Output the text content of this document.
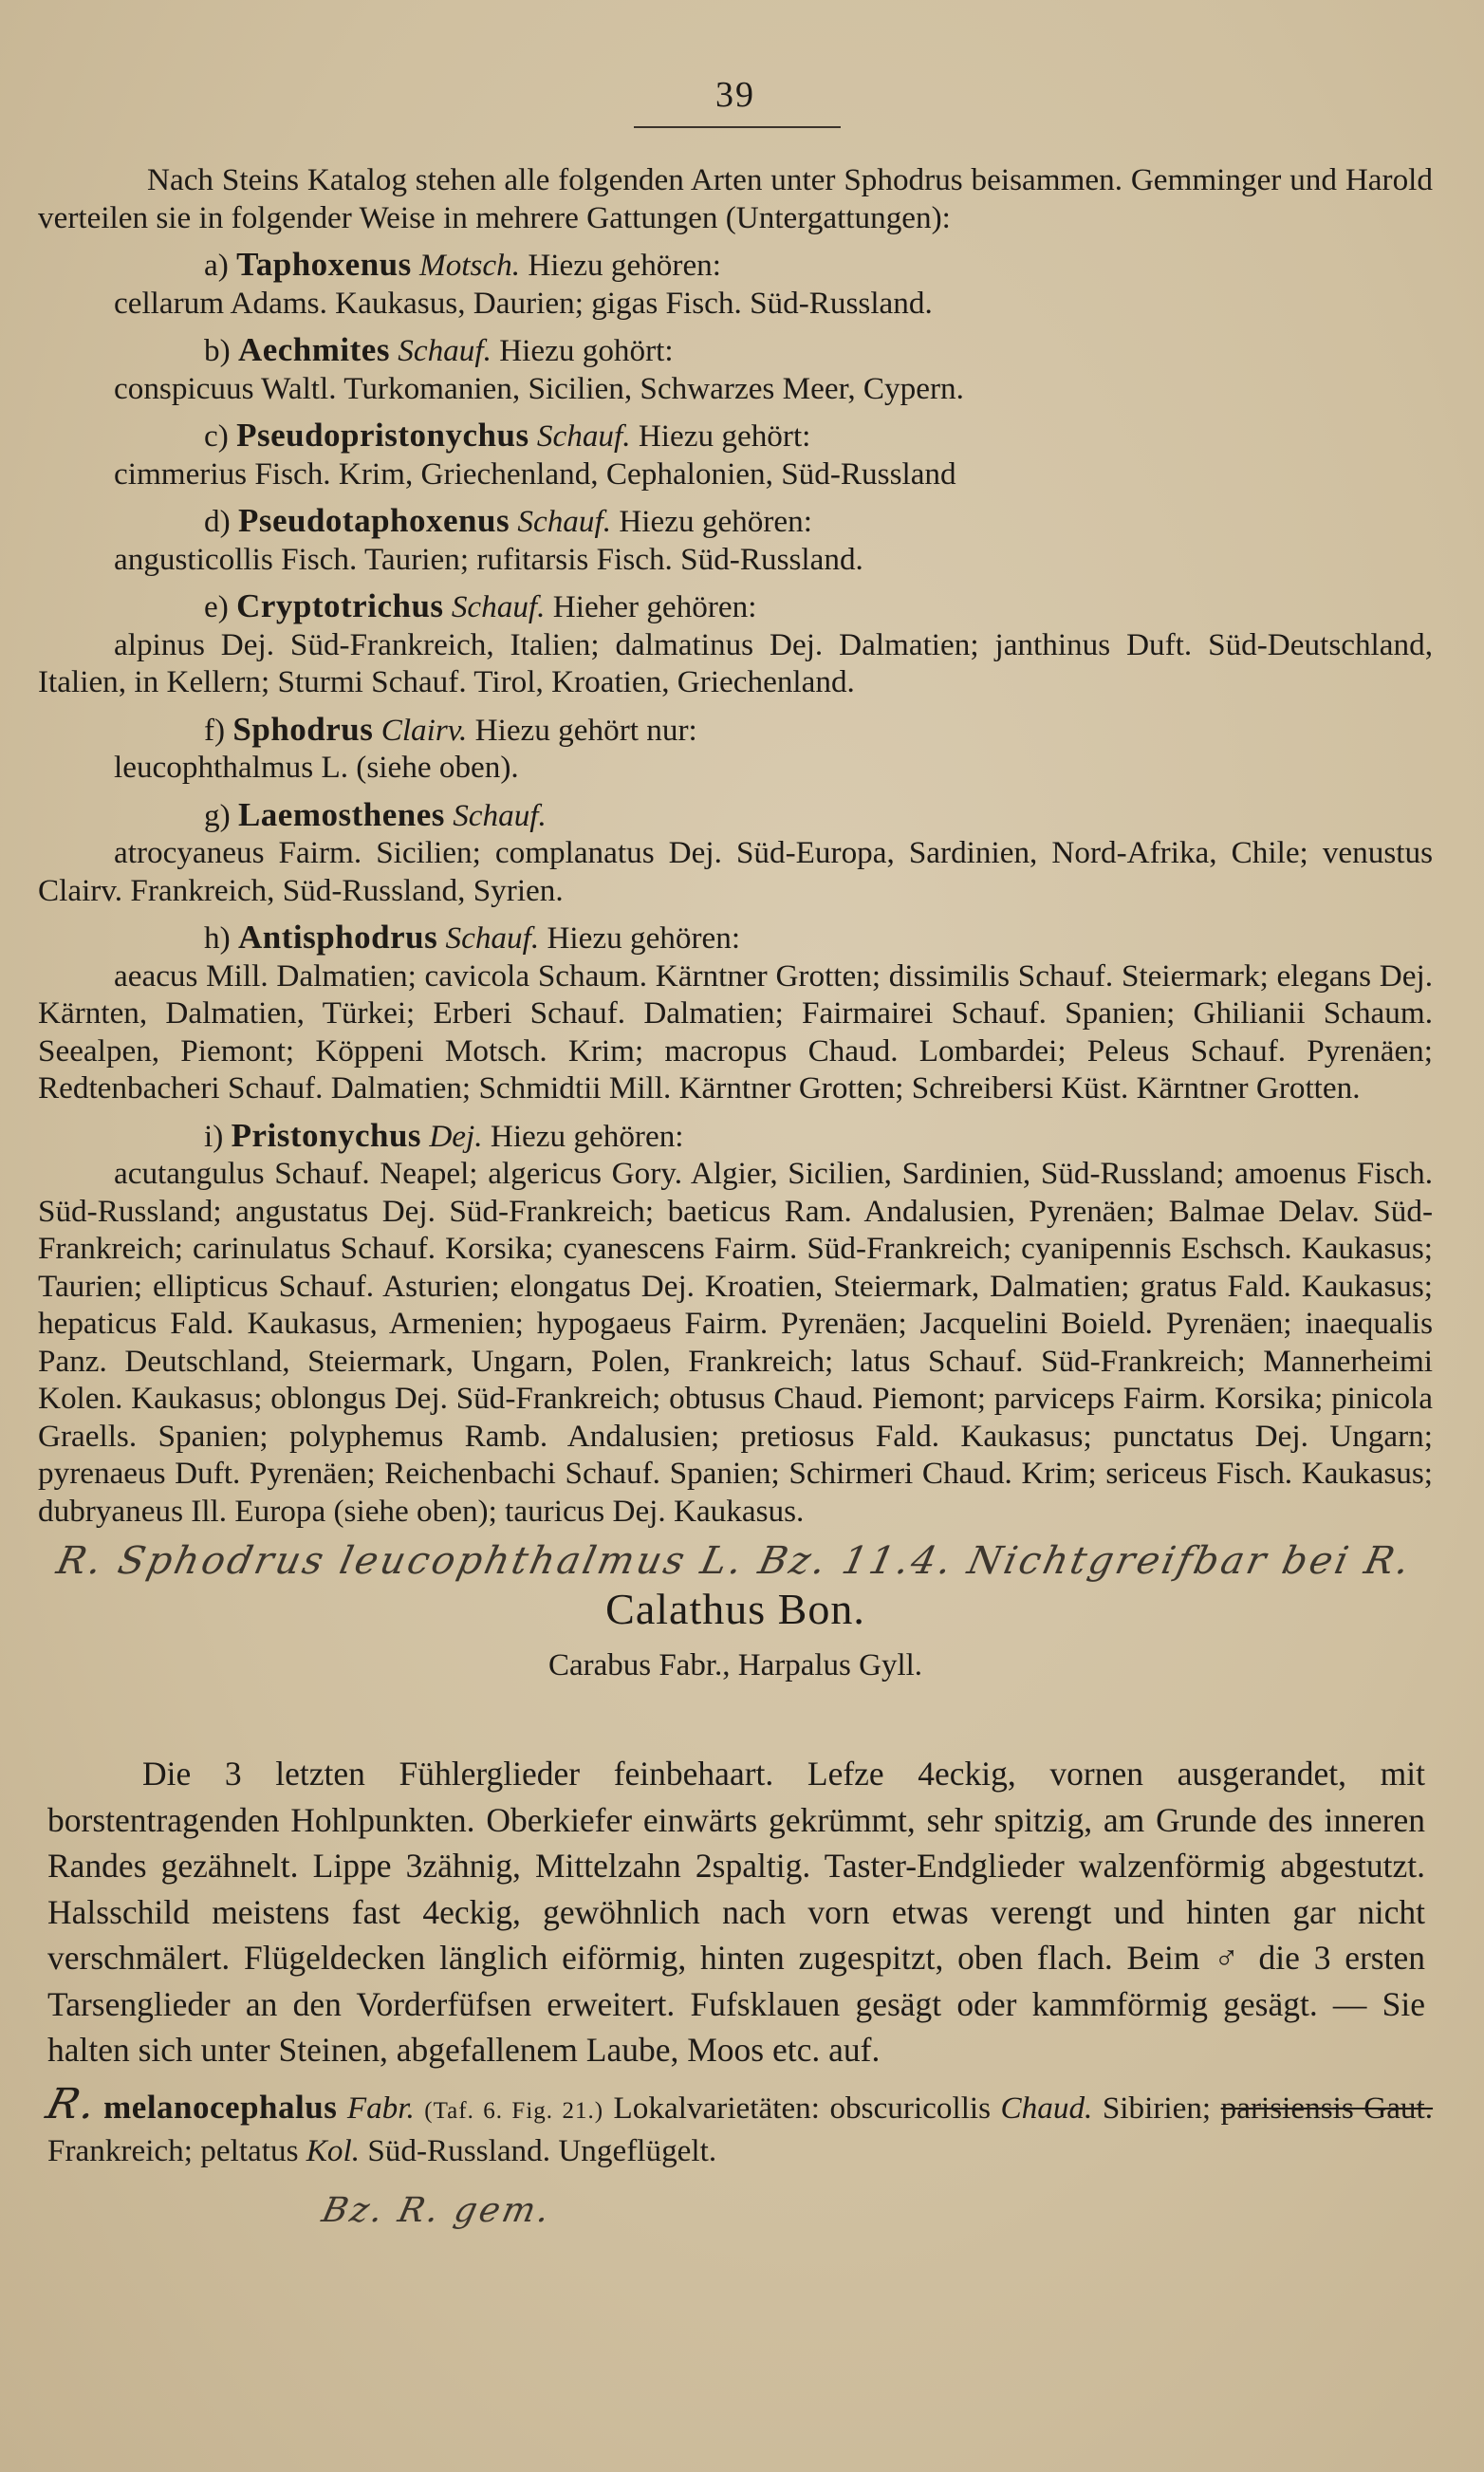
39

Nach Steins Katalog stehen alle folgenden Arten unter Sphodrus beisammen. Gemminger und Harold verteilen sie in folgender Weise in mehrere Gattungen (Untergattungen):

a) Taphoxenus Motsch. Hiezu gehören:

cellarum Adams. Kaukasus, Daurien; gigas Fisch. Süd-Russland.

b) Aechmites Schauf. Hiezu gohört:

conspicuus Waltl. Turkomanien, Sicilien, Schwarzes Meer, Cypern.

c) Pseudopristonychus Schauf. Hiezu gehört:

cimmerius Fisch. Krim, Griechenland, Cephalonien, Süd-Russland

d) Pseudotaphoxenus Schauf. Hiezu gehören:

angusticollis Fisch. Taurien; rufitarsis Fisch. Süd-Russland.

e) Cryptotrichus Schauf. Hieher gehören:

alpinus Dej. Süd-Frankreich, Italien; dalmatinus Dej. Dalmatien; janthinus Duft. Süd-Deutschland, Italien, in Kellern; Sturmi Schauf. Tirol, Kroatien, Griechenland.

f) Sphodrus Clairv. Hiezu gehört nur:

leucophthalmus L. (siehe oben).

g) Laemosthenes Schauf.

atrocyaneus Fairm. Sicilien; complanatus Dej. Süd-Europa, Sardinien, Nord-Afrika, Chile; venustus Clairv. Frankreich, Süd-Russland, Syrien.

h) Antisphodrus Schauf. Hiezu gehören:

aeacus Mill. Dalmatien; cavicola Schaum. Kärntner Grotten; dissimilis Schauf. Steiermark; elegans Dej. Kärnten, Dalmatien, Türkei; Erberi Schauf. Dalmatien; Fairmairei Schauf. Spanien; Ghilianii Schaum. Seealpen, Piemont; Köppeni Motsch. Krim; macropus Chaud. Lombardei; Peleus Schauf. Pyrenäen; Redtenbacheri Schauf. Dalmatien; Schmidtii Mill. Kärntner Grotten; Schreibersi Küst. Kärntner Grotten.

i) Pristonychus Dej. Hiezu gehören:

acutangulus Schauf. Neapel; algericus Gory. Algier, Sicilien, Sardinien, Süd-Russland; amoenus Fisch. Süd-Russland; angustatus Dej. Süd-Frankreich; baeticus Ram. Andalusien, Pyrenäen; Balmae Delav. Süd-Frankreich; carinulatus Schauf. Korsika; cyanescens Fairm. Süd-Frankreich; cyanipennis Eschsch. Kaukasus; Taurien; ellipticus Schauf. Asturien; elongatus Dej. Kroatien, Steiermark, Dalmatien; gratus Fald. Kaukasus; hepaticus Fald. Kaukasus, Armenien; hypogaeus Fairm. Pyrenäen; Jacquelini Boield. Pyrenäen; inaequalis Panz. Deutschland, Steiermark, Ungarn, Polen, Frankreich; latus Schauf. Süd-Frankreich; Mannerheimi Kolen. Kaukasus; oblongus Dej. Süd-Frankreich; obtusus Chaud. Piemont; parviceps Fairm. Korsika; pinicola Graells. Spanien; polyphemus Ramb. Andalusien; pretiosus Fald. Kaukasus; punctatus Dej. Ungarn; pyrenaeus Duft. Pyrenäen; Reichenbachi Schauf. Spanien; Schirmeri Chaud. Krim; sericeus Fisch. Kaukasus; dubryaneus Ill. Europa (siehe oben); tauricus Dej. Kaukasus.

R. Sphodrus leucophthalmus L. Bz. 11.4. Nichtgreifbar bei R.
Calathus Bon.
Carabus Fabr., Harpalus Gyll.

Die 3 letzten Fühlerglieder feinbehaart. Lefze 4eckig, vornen ausgerandet, mit borstentragenden Hohlpunkten. Oberkiefer einwärts gekrümmt, sehr spitzig, am Grunde des inneren Randes gezähnelt. Lippe 3zähnig, Mittelzahn 2spaltig. Taster-Endglieder walzenförmig abgestutzt. Halsschild meistens fast 4eckig, gewöhnlich nach vorn etwas verengt und hinten gar nicht verschmälert. Flügeldecken länglich eiförmig, hinten zugespitzt, oben flach. Beim ♂ die 3 ersten Tarsenglieder an den Vorderfüfsen erweitert. Fufsklauen gesägt oder kammförmig gesägt. — Sie halten sich unter Steinen, abgefallenem Laube, Moos etc. auf.

R.melanocephalus Fabr. (Taf. 6. Fig. 21.) Lokalvarietäten: obscuricollis Chaud. Sibirien; parisiensis Gaut. Frankreich; peltatus Kol. Süd-Russland. Ungeflügelt.
Bz. R. gem.
